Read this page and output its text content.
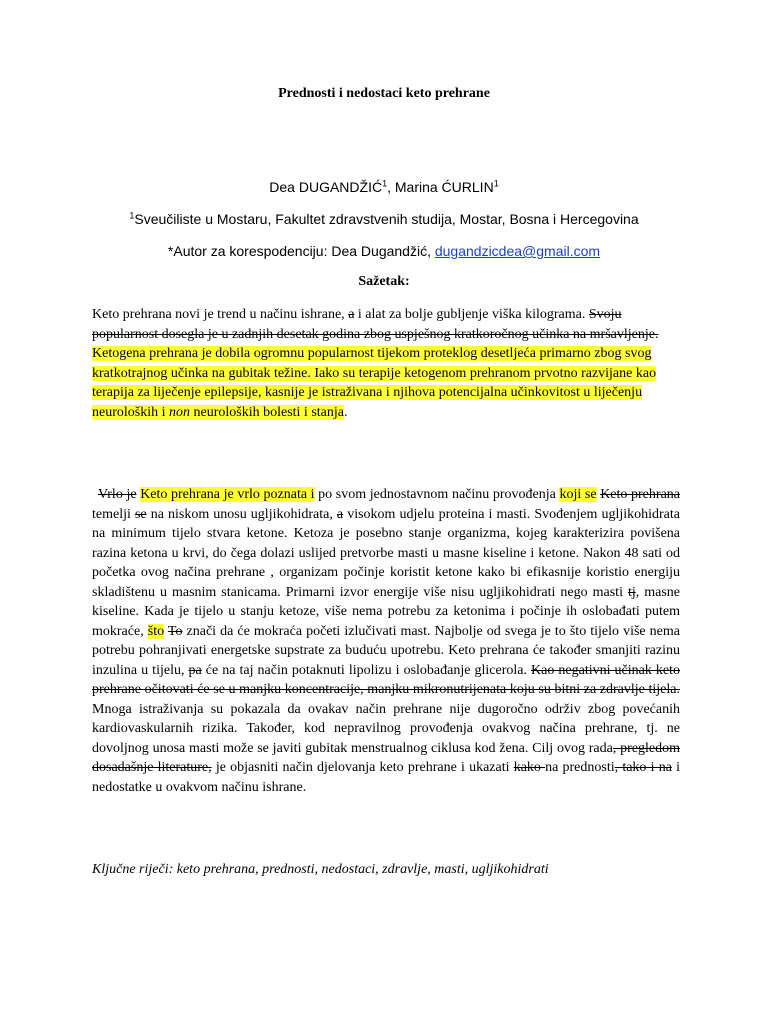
Prednosti i nedostaci keto prehrane
Dea DUGANDŽIĆ$^1$, Marina ĆURLIN$^1$
$^1$Sveučiliste u Mostaru, Fakultet zdravstvenih studija, Mostar, Bosna i Hercegovina
*Autor za korespodenciju: Dea Dugandžić, dugandzicdea@gmail.com
Sažetak:
Keto prehrana novi je trend u načinu ishrane, a i alat za bolje gubljenje viška kilograma. Svoju popularnost dosegla je u zadnjih desetak godina zbog uspješnog kratkoročnog učinka na mršavljenje. Ketogena prehrana je dobila ogromnu popularnost tijekom proteklog desetljeća primarno zbog svog kratkotrajnog učinka na gubitak težine. Iako su terapije ketogenom prehranom prvotno razvijane kao terapija za liječenje epilepsije, kasnije je istraživana i njihova potencijalna učinkovitost u liječenju neuroloških i non neuroloških bolesti i stanja.
Vrlo je Keto prehrana je vrlo poznata i po svom jednostavnom načinu provođenja koji se Keto prehrana temelji se na niskom unosu ugljikohidrata, a visokom udjelu proteina i masti. Svođenjem ugljikohidrata na minimum tijelo stvara ketone. Ketoza je posebno stanje organizma, kojeg karakterizira povišena razina ketona u krvi, do čega dolazi uslijed pretvorbe masti u masne kiseline i ketone. Nakon 48 sati od početka ovog načina prehrane , organizam počinje koristit ketone kako bi efikasnije koristio energiju skladištenu u masnim stanicama. Primarni izvor energije više nisu ugljikohidrati nego masti tj, masne kiseline. Kada je tijelo u stanju ketoze, više nema potrebu za ketonima i počinje ih oslobađati putem mokraće, što To znači da će mokraća početi izlučivati mast. Najbolje od svega je to što tijelo više nema potrebu pohranjivati energetske supstrate za buduću upotrebu. Keto prehrana će također smanjiti razinu inzulina u tijelu, pa će na taj način potaknuti lipolizu i oslobađanje glicerola. Kao negativni učinak keto prehrane očitovati će se u manjku koncentracije, manjku mikronutrijenata koju su bitni za zdravlje tijela. Mnoga istraživanja su pokazala da ovakav način prehrane nije dugoročno održiv zbog povećanih kardiovaskularnih rizika. Također, kod nepravilnog provođenja ovakvog načina prehrane, tj. ne dovoljnog unosa masti može se javiti gubitak menstrualnog ciklusa kod žena. Cilj ovog rada, pregledom dosadašnje literature, je objasniti način djelovanja keto prehrane i ukazati kako na prednosti, tako i na i nedostatke u ovakvom načinu ishrane.
Ključne riječi: keto prehrana, prednosti, nedostaci, zdravlje, masti, ugljikohidrati
